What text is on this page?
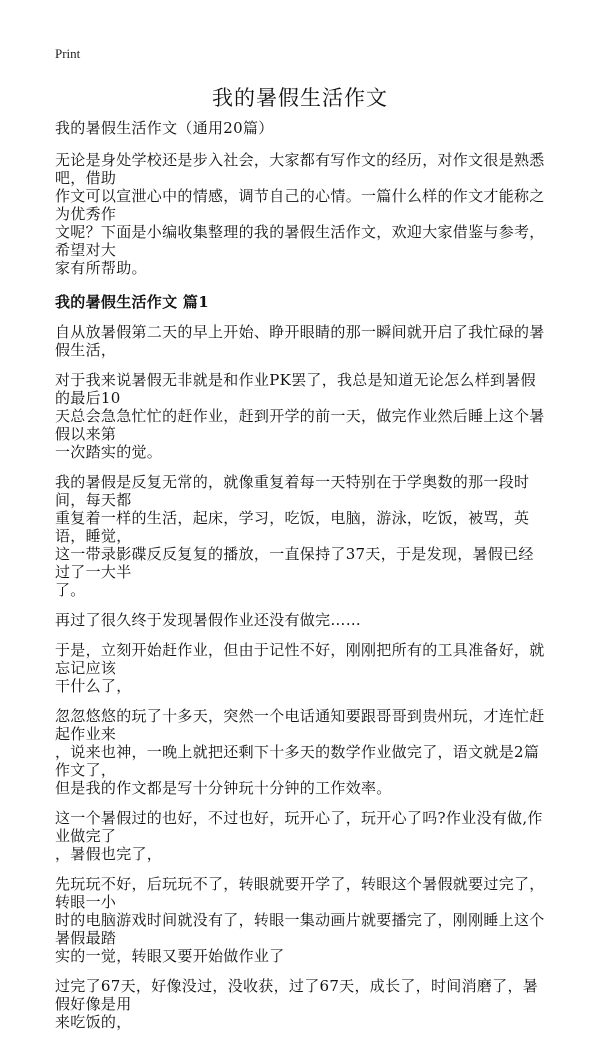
Print
我的暑假生活作文

我的暑假生活作文（通用20篇）

无论是身处学校还是步入社会，大家都有写作文的经历，对作文很是熟悉吧，借助
作文可以宣泄心中的情感，调节自己的心情。一篇什么样的作文才能称之为优秀作
文呢？下面是小编收集整理的我的暑假生活作文，欢迎大家借鉴与参考，希望对大
家有所帮助。

我的暑假生活作文 篇1

自从放暑假第二天的早上开始、睁开眼睛的那一瞬间就开启了我忙碌的暑假生活，

对于我来说暑假无非就是和作业PK罢了，我总是知道无论怎么样到暑假的最后10
天总会急急忙忙的赶作业，赶到开学的前一天，做完作业然后睡上这个暑假以来第
一次踏实的觉。

我的暑假是反复无常的，就像重复着每一天特别在于学奥数的那一段时间，每天都
重复着一样的生活，起床，学习，吃饭，电脑，游泳，吃饭，被骂，英语，睡觉，
这一带录影碟反反复复的播放，一直保持了37天，于是发现，暑假已经过了一大半
了。

再过了很久终于发现暑假作业还没有做完……

于是，立刻开始赶作业，但由于记性不好，刚刚把所有的工具准备好，就忘记应该
干什么了，

忽忽悠悠的玩了十多天，突然一个电话通知要跟哥哥到贵州玩，才连忙赶起作业来
，说来也神，一晚上就把还剩下十多天的数学作业做完了，语文就是2篇作文了，
但是我的作文都是写十分钟玩十分钟的工作效率。

这一个暑假过的也好，不过也好，玩开心了，玩开心了吗?作业没有做,作业做完了
，暑假也完了，

先玩玩不好，后玩玩不了，转眼就要开学了，转眼这个暑假就要过完了，转眼一小
时的电脑游戏时间就没有了，转眼一集动画片就要播完了，刚刚睡上这个暑假最踏
实的一觉，转眼又要开始做作业了

过完了67天，好像没过，没收获，过了67天，成长了，时间消磨了，暑假好像是用
来吃饭的，
